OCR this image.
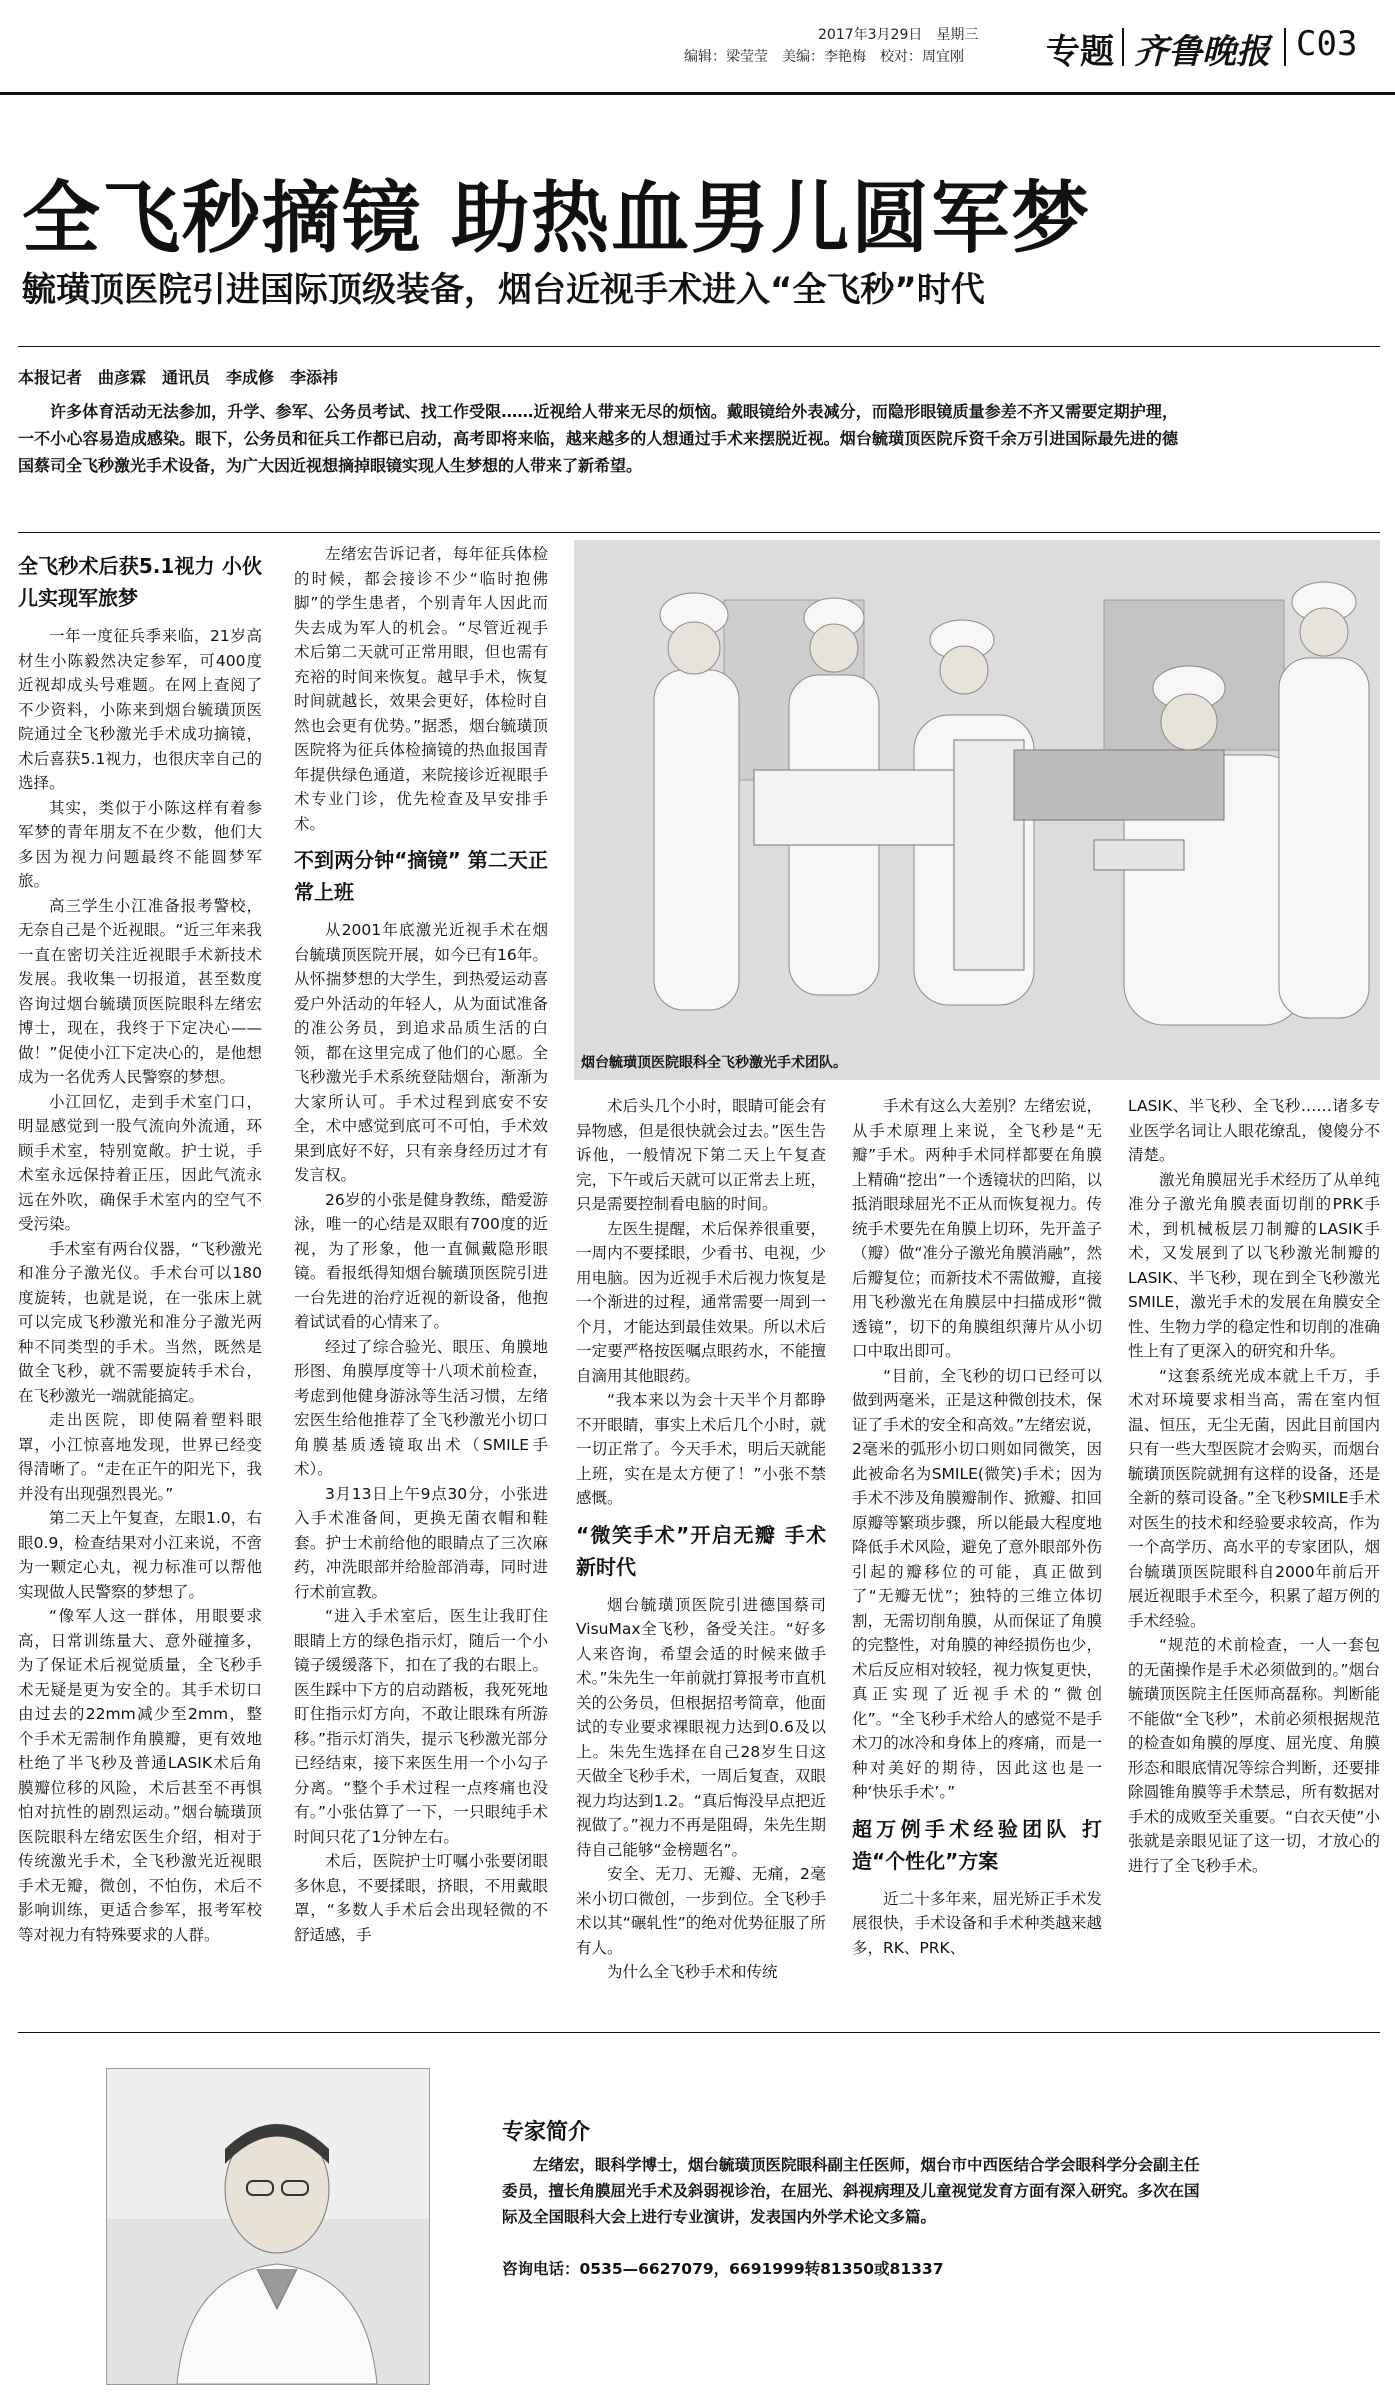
2017年3月29日　星期三
编辑：梁莹莹　美编：李艳梅　校对：周宜刚 专题 齐鲁晚报 C03
全飞秒摘镜 助热血男儿圆军梦
毓璜顶医院引进国际顶级装备，烟台近视手术进入“全飞秒”时代
本报记者　曲彦霖　通讯员　李成修　李添祎
许多体育活动无法参加，升学、参军、公务员考试、找工作受限……近视给人带来无尽的烦恼。戴眼镜给外表减分，而隐形眼镜质量参差不齐又需要定期护理，一不小心容易造成感染。眼下，公务员和征兵工作都已启动，高考即将来临，越来越多的人想通过手术来摆脱近视。烟台毓璜顶医院斥资千余万引进国际最先进的德国蔡司全飞秒激光手术设备，为广大因近视想摘掉眼镜实现人生梦想的人带来了新希望。
烟台毓璜顶医院眼科全飞秒激光手术团队。
全飞秒术后获5.1视力 小伙儿实现军旅梦

一年一度征兵季来临，21岁高材生小陈毅然决定参军，可400度近视却成头号难题。在网上查阅了不少资料，小陈来到烟台毓璜顶医院通过全飞秒激光手术成功摘镜，术后喜获5.1视力，也很庆幸自己的选择。

其实，类似于小陈这样有着参军梦的青年朋友不在少数，他们大多因为视力问题最终不能圆梦军旅。

高三学生小江准备报考警校，无奈自己是个近视眼。“近三年来我一直在密切关注近视眼手术新技术发展。我收集一切报道，甚至数度咨询过烟台毓璜顶医院眼科左绪宏博士，现在，我终于下定决心——做！”促使小江下定决心的，是他想成为一名优秀人民警察的梦想。

小江回忆，走到手术室门口，明显感觉到一股气流向外流通，环顾手术室，特别宽敞。护士说，手术室永远保持着正压，因此气流永远在外吹，确保手术室内的空气不受污染。

手术室有两台仪器，“飞秒激光和准分子激光仪。手术台可以180度旋转，也就是说，在一张床上就可以完成飞秒激光和准分子激光两种不同类型的手术。当然，既然是做全飞秒，就不需要旋转手术台，在飞秒激光一端就能搞定。

走出医院，即使隔着塑料眼罩，小江惊喜地发现，世界已经变得清晰了。“走在正午的阳光下，我并没有出现强烈畏光。”

第二天上午复查，左眼1.0，右眼0.9，检查结果对小江来说，不啻为一颗定心丸，视力标准可以帮他实现做人民警察的梦想了。

“像军人这一群体，用眼要求高，日常训练量大、意外碰撞多，为了保证术后视觉质量，全飞秒手术无疑是更为安全的。其手术切口由过去的22mm减少至2mm，整个手术无需制作角膜瓣，更有效地杜绝了半飞秒及普通LASIK术后角膜瓣位移的风险，术后甚至不再惧怕对抗性的剧烈运动。”烟台毓璜顶医院眼科左绪宏医生介绍，相对于传统激光手术，全飞秒激光近视眼手术无瓣，微创，不怕伤，术后不影响训练，更适合参军，报考军校等对视力有特殊要求的人群。

左绪宏告诉记者，每年征兵体检的时候，都会接诊不少“临时抱佛脚”的学生患者，个别青年人因此而失去成为军人的机会。“尽管近视手术后第二天就可正常用眼，但也需有充裕的时间来恢复。越早手术，恢复时间就越长，效果会更好，体检时自然也会更有优势。”据悉，烟台毓璜顶医院将为征兵体检摘镜的热血报国青年提供绿色通道，来院接诊近视眼手术专业门诊，优先检查及早安排手术。

不到两分钟“摘镜” 第二天正常上班

从2001年底激光近视手术在烟台毓璜顶医院开展，如今已有16年。从怀揣梦想的大学生，到热爱运动喜爱户外活动的年轻人，从为面试准备的准公务员，到追求品质生活的白领，都在这里完成了他们的心愿。全飞秒激光手术系统登陆烟台，渐渐为大家所认可。手术过程到底安不安全，术中感觉到底可不可怕，手术效果到底好不好，只有亲身经历过才有发言权。

26岁的小张是健身教练，酷爱游泳，唯一的心结是双眼有700度的近视，为了形象，他一直佩戴隐形眼镜。看报纸得知烟台毓璜顶医院引进一台先进的治疗近视的新设备，他抱着试试看的心情来了。

经过了综合验光、眼压、角膜地形图、角膜厚度等十八项术前检查，考虑到他健身游泳等生活习惯，左绪宏医生给他推荐了全飞秒激光小切口角膜基质透镜取出术（SMILE手术）。

3月13日上午9点30分，小张进入手术准备间，更换无菌衣帽和鞋套。护士术前给他的眼睛点了三次麻药，冲洗眼部并给脸部消毒，同时进行术前宣教。

“进入手术室后，医生让我盯住眼睛上方的绿色指示灯，随后一个小镜子缓缓落下，扣在了我的右眼上。医生踩中下方的启动踏板，我死死地盯住指示灯方向，不敢让眼珠有所游移。”指示灯消失，提示飞秒激光部分已经结束，接下来医生用一个小勾子分离。“整个手术过程一点疼痛也没有。”小张估算了一下，一只眼纯手术时间只花了1分钟左右。

术后，医院护士叮嘱小张要闭眼多休息，不要揉眼，挤眼，不用戴眼罩，“多数人手术后会出现轻微的不舒适感，手

术后头几个小时，眼睛可能会有异物感，但是很快就会过去。”医生告诉他，一般情况下第二天上午复查完，下午或后天就可以正常去上班，只是需要控制看电脑的时间。

左医生提醒，术后保养很重要，一周内不要揉眼，少看书、电视，少用电脑。因为近视手术后视力恢复是一个渐进的过程，通常需要一周到一个月，才能达到最佳效果。所以术后一定要严格按医嘱点眼药水，不能擅自滴用其他眼药。

“我本来以为会十天半个月都睁不开眼睛，事实上术后几个小时，就一切正常了。今天手术，明后天就能上班，实在是太方便了！”小张不禁感慨。

“微笑手术”开启无瓣 手术新时代

烟台毓璜顶医院引进德国蔡司VisuMax全飞秒，备受关注。“好多人来咨询，希望会适的时候来做手术。”朱先生一年前就打算报考市直机关的公务员，但根据招考简章，他面试的专业要求裸眼视力达到0.6及以上。朱先生选择在自己28岁生日这天做全飞秒手术，一周后复查，双眼视力均达到1.2。“真后悔没早点把近视做了。”视力不再是阻碍，朱先生期待自己能够“金榜题名”。

安全、无刀、无瓣、无痛，2毫米小切口微创，一步到位。全飞秒手术以其“碾轧性”的绝对优势征服了所有人。

为什么全飞秒手术和传统

手术有这么大差别？左绪宏说，从手术原理上来说，全飞秒是“无瓣”手术。两种手术同样都要在角膜上精确“挖出”一个透镜状的凹陷，以抵消眼球屈光不正从而恢复视力。传统手术要先在角膜上切环，先开盖子（瓣）做“准分子激光角膜消融”，然后瓣复位；而新技术不需做瓣，直接用飞秒激光在角膜层中扫描成形“微透镜”，切下的角膜组织薄片从小切口中取出即可。

“目前，全飞秒的切口已经可以做到两毫米，正是这种微创技术，保证了手术的安全和高效。”左绪宏说，2毫米的弧形小切口则如同微笑，因此被命名为SMILE(微笑)手术；因为手术不涉及角膜瓣制作、掀瓣、扣回原瓣等繁琐步骤，所以能最大程度地降低手术风险，避免了意外眼部外伤引起的瓣移位的可能，真正做到了“无瓣无忧”；独特的三维立体切割，无需切削角膜，从而保证了角膜的完整性，对角膜的神经损伤也少，术后反应相对较轻，视力恢复更快，真正实现了近视手术的“微创化”。“全飞秒手术给人的感觉不是手术刀的冰冷和身体上的疼痛，而是一种对美好的期待，因此这也是一种‘快乐手术’。”

超万例手术经验团队 打造“个性化”方案

近二十多年来，屈光矫正手术发展很快，手术设备和手术种类越来越多，RK、PRK、

LASIK、半飞秒、全飞秒……诸多专业医学名词让人眼花缭乱，傻傻分不清楚。

激光角膜屈光手术经历了从单纯准分子激光角膜表面切削的PRK手术，到机械板层刀制瓣的LASIK手术，又发展到了以飞秒激光制瓣的LASIK、半飞秒，现在到全飞秒激光SMILE，激光手术的发展在角膜安全性、生物力学的稳定性和切削的准确性上有了更深入的研究和升华。

“这套系统光成本就上千万，手术对环境要求相当高，需在室内恒温、恒压，无尘无菌，因此目前国内只有一些大型医院才会购买，而烟台毓璜顶医院就拥有这样的设备，还是全新的蔡司设备。”全飞秒SMILE手术对医生的技术和经验要求较高，作为一个高学历、高水平的专家团队，烟台毓璜顶医院眼科自2000年前后开展近视眼手术至今，积累了超万例的手术经验。

“规范的术前检查，一人一套包的无菌操作是手术必须做到的。”烟台毓璜顶医院主任医师高磊称。判断能不能做“全飞秒”，术前必须根据规范的检查如角膜的厚度、屈光度、角膜形态和眼底情况等综合判断，还要排除圆锥角膜等手术禁忌，所有数据对手术的成败至关重要。“白衣天使”小张就是亲眼见证了这一切，才放心的进行了全飞秒手术。

专家简介
左绪宏，眼科学博士，烟台毓璜顶医院眼科副主任医师，烟台市中西医结合学会眼科学分会副主任委员，擅长角膜屈光手术及斜弱视诊治，在屈光、斜视病理及儿童视觉发育方面有深入研究。多次在国际及全国眼科大会上进行专业演讲，发表国内外学术论文多篇。
咨询电话：0535—6627079，6691999转81350或81337
